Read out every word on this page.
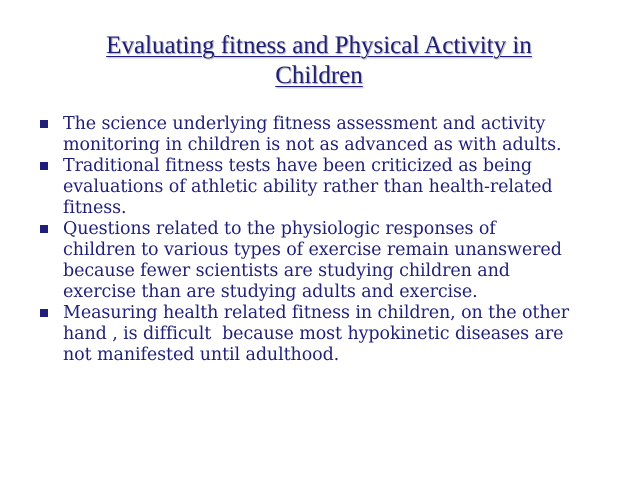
Evaluating fitness and Physical Activity in
Children
The science underlying fitness assessment and activity
monitoring in children is not as advanced as with adults.
Traditional fitness tests have been criticized as being
evaluations of athletic ability rather than health-related
fitness.
Questions related to the physiologic responses of
children to various types of exercise remain unanswered
because fewer scientists are studying children and
exercise than are studying adults and exercise.
Measuring health related fitness in children, on the other
hand , is difficult  because most hypokinetic diseases are
not manifested until adulthood.
